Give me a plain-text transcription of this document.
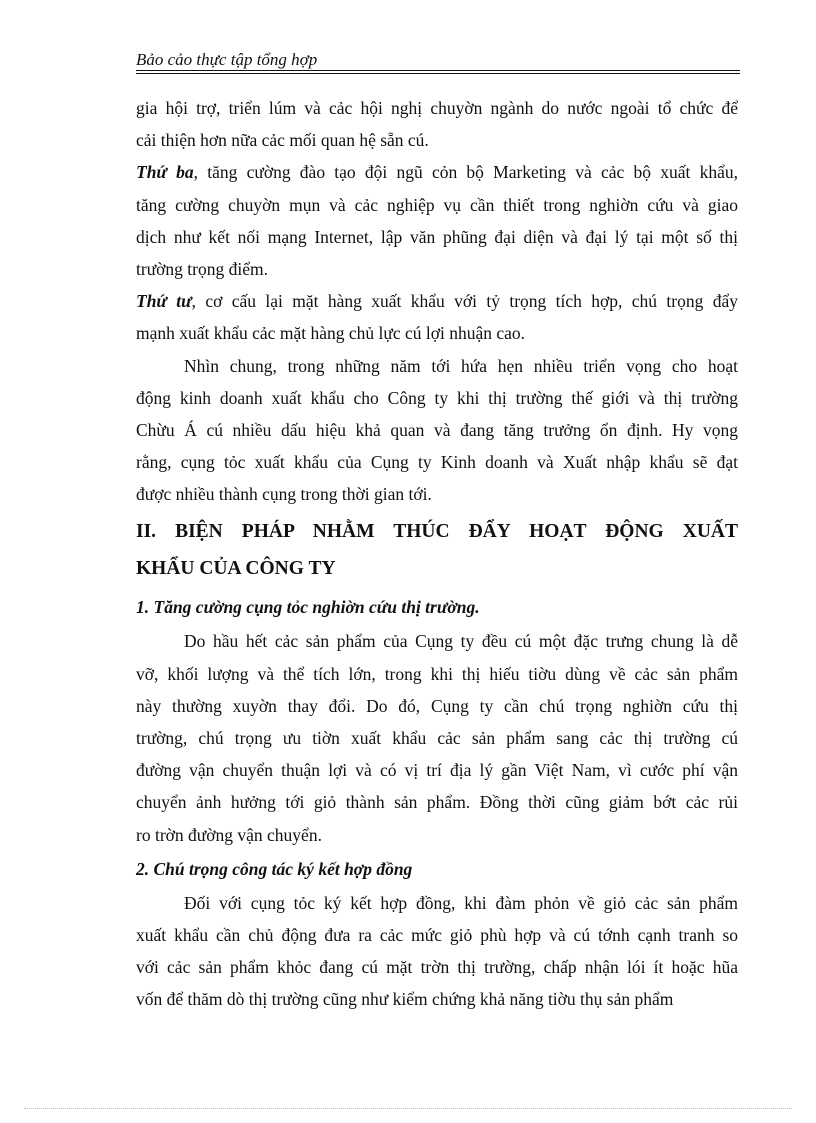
Bảo cảo thực tập tổng hợp
gia hội trợ, triển lúm và cảc hội nghị chuyờn ngành do nước ngoài tổ chức để
cải thiện hơn nữa cảc mối quan hệ sẵn cú.
Thứ ba, tăng cường đào tạo đội ngũ cỏn bộ Marketing và cảc bộ xuất khẩu,
tăng cường chuyờn mụn và cảc nghiệp vụ cần thiết trong nghiờn cứu và giao
dịch như kết nối mạng Internet, lập văn phũng đại diện và đại lý tại một số thị
trường trọng điểm.
Thứ tư, cơ cấu lại mặt hàng xuất khẩu với tỷ trọng tích hợp, chú trọng đẩy
mạnh xuất khẩu cảc mặt hàng chủ lực cú lợi nhuận cao.
Nhìn chung, trong những năm tới hứa hẹn nhiều triển vọng cho hoạt
động kinh doanh xuất khẩu cho Công ty khi thị trường thế giới và thị trường
Chừu Á cú nhiều dấu hiệu khả quan và đang tăng trưởng ổn định. Hy vọng
rằng, cụng tỏc xuất khẩu của Cụng ty Kinh doanh và Xuất nhập khẩu sẽ đạt
được nhiều thành cụng trong thời gian tới.
II. BIỆN PHÁP NHẰM THÚC ĐẨY HOẠT ĐỘNG XUẤT
KHẨU CỦA CÔNG TY
1. Tăng cường cụng tỏc nghiờn cứu thị trường.
Do hầu hết cảc sản phẩm của Cụng ty đều cú một đặc trưng chung là dễ
vỡ, khối lượng và thể tích lớn, trong khi thị hiếu tiờu dùng về cảc sản phẩm
này thường xuyờn thay đổi. Do đó, Cụng ty cần chú trọng nghiờn cứu thị
trường, chú trọng ưu tiờn xuất khẩu cảc sản phẩm sang cảc thị trường cú
đường vận chuyển thuận lợi và có vị trí địa lý gần Việt Nam, vì cước phí vận
chuyển ảnh hưởng tới giỏ thành sản phẩm. Đồng thời cũng giảm bớt cảc rủi
ro trờn đường vận chuyển.
2. Chú trọng công tác ký kết hợp đồng
Đối với cụng tỏc ký kết hợp đồng, khi đàm phỏn về giỏ cảc sản phẩm
xuất khẩu cần chủ động đưa ra cảc mức giỏ phù hợp và cú tớnh cạnh tranh so
với cảc sản phẩm khỏc đang cú mặt trờn thị trường, chấp nhận lói ít hoặc hũa
vốn để thăm dò thị trường cũng như kiểm chứng khả năng tiờu thụ sản phẩm
